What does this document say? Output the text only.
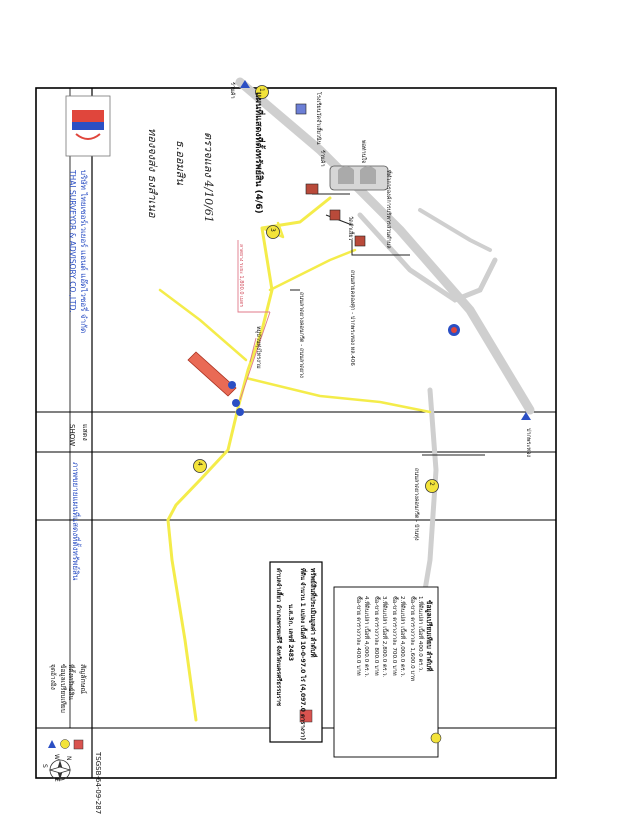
แผนที่แสดงที่ตั้งทรัพย์สิน (4/6)
TSGSB-64-09-287
บริษัท ไทยเซอร์เวเยอร์ แอนด์ แอ๊ดไวซอรี่ จำกัด
THAI SURVEYOR & ADVISORY CO.,LTD.
แสดง
SHOW
ภาพขยายแผนที่แสดงที่ตั้งทรัพย์สิน
สัญลักษณ์
ที่ตั้งทรัพย์สิน
ข้อมูลเปรียบเทียบ
จุดอ้างอิง
ทรัพย์สินที่ประเมินมูลค่า ลำดับที่
ที่ดิน จำนวน 1 แปลง เนื้อที่ 10-0-97.0 ไร่ (4,097.0 ตารางวา)
น.ส.3ก. เลขที่ 2483
ตำบลจำเสี้ยว อำเภอพรหมคีรี จังหวัดนครศรีธรรมราช	ข้อมูลเปรียบเทียบ ลำดับที่
1.ที่ดินเปล่า เนื้อที่ 400.0 ตร.ว.
ซื้อ-ขาย ตารางวาละ 1,600.0 บาท
2.ที่ดินเปล่า เนื้อที่ 4,000.0 ตร.ว.
ซื้อ-ขาย ตารางวาละ 700.0 บาท
3.ที่ดินเปล่า เนื้อที่ 2,800.0 ตร.ว.
ซื้อ-ขาย ตารางวาละ 800.0 บาท
4.ที่ดินเปล่า เนื้อที่ 4,000.0 ตร.ว.
ซื้อ-ขาย ตารางวาละ 400.0 บาท
ตรวจแลง 4/10/61
ธ.ออมสิน
ทองจงส่ง ธงสำเนอ
โรงเรียนวัดจำเสี้ยวนิน
ร้านค้า	พ่อท่านใจ
ที่ทำการองค์การบริหารส่วนตำบล
วัดจำเสี้ยว
ถนนสายคลองศุก - ปากพระทอง หล.406
ถนนลาดยางคอนกรีต - ถนนลาดยาง
ลาดยาง ระยะ 1,800.0 เมตร
หมู่บ้านทุ่งไทรงาม
ถนนลาดยางคอนกรีต - บ้านทุ่ง
ร้านค้า
ปากพระทอง
1
2
3
4
N
E
S
W
